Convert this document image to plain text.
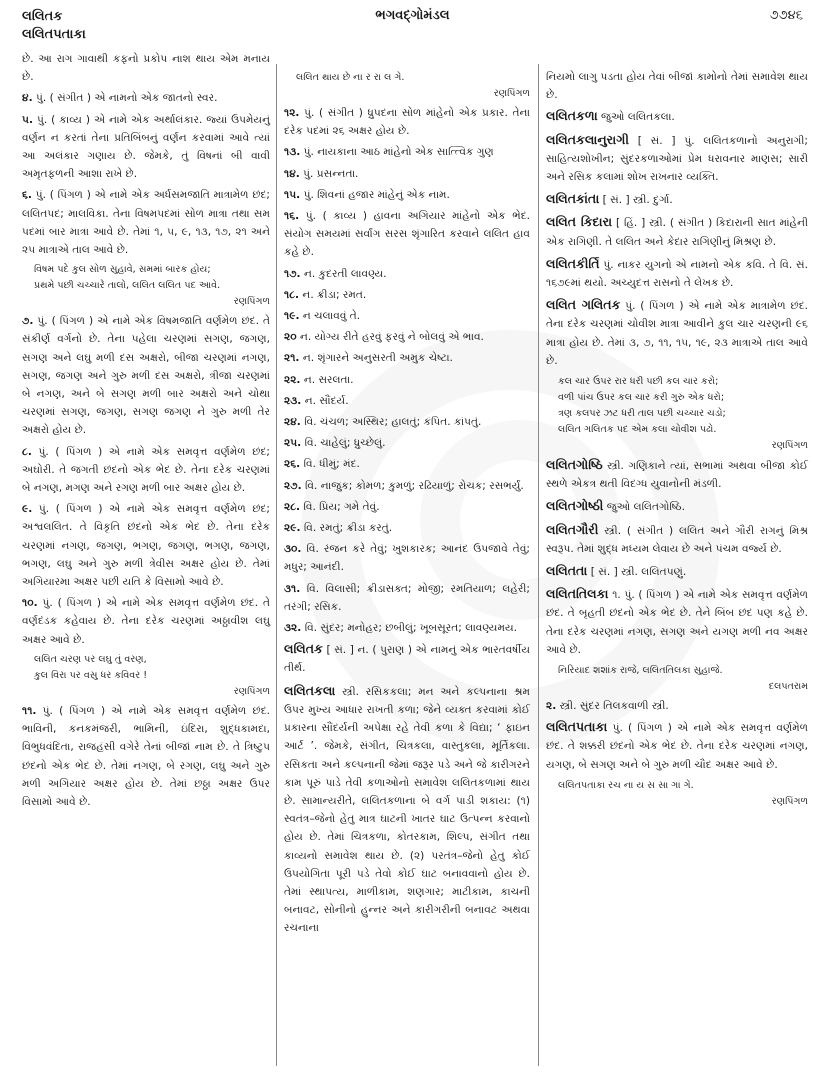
લલિતક
લલિતપતાકા
ભગવદ્ગોમંડલ	૭૭૪૬

છે. આ રાગ ગાવાથી કફનો પ્રકોપ નાશ થાય એમ મનાય છે.

૪. પું. ( સંગીત ) એ નામનો એક જાતનો સ્વર.

૫. પું. ( કાવ્ય ) એ નામે એક અર્થાલંકાર. જ્યાં ઉપમેયનું વર્ણન ન કરતાં તેના પ્રતિબિંબનું વર્ણન કરવામાં આવે ત્યાં આ અલંકાર ગણાય છે. જેમકે, તું વિષનાં બી વાવી અમૃતફળની આશા રાખે છે.

૬. પું. ( પિંગળ ) એ નામે એક અર્ધસમજાતિ માત્રામેળ છંદ; લલિતપદ; માલવિકા. તેના વિષમપદમાં સોળ માત્રા તથા સમ પદમાં બાર માત્રા આવે છે. તેમાં ૧, ૫, ૯, ૧૩, ૧૭, ૨૧ અને ૨૫ માત્રાએ તાલ આવે છે.

વિષમ પદે કુલ સોળ સુહાવે, સમમાં બારક હોય;
પ્રથમે પછી ચચ્ચારે તાલો, લલિત લલિત પદ આવે.
રણપિંગળ

૭. પું. ( પિંગળ ) એ નામે એક વિષમજાતિ વર્ણમેળ છંદ. તે સંકીર્ણ વર્ગનો છે. તેના પહેલા ચરણમાં સગણ, જગણ, સગણ અને લઘુ મળી દસ અક્ષરો, બીજા ચરણમાં નગણ, સગણ, જગણ અને ગુરુ મળી દસ અક્ષરો, ત્રીજા ચરણમાં બે નગણ, અને બે સગણ મળી બાર અક્ષરો અને ચોથા ચરણમાં સગણ, જગણ, સગણ જગણ ને ગુરુ મળી તેર અક્ષરો હોય છે.

૮. પું. ( પિંગળ ) એ નામે એક સમવૃત્ત વર્ણમેળ છંદ; અઘોરી. તે જગતી છંદનો એક ભેદ છે. તેના દરેક ચરણમાં બે નગણ, મગણ અને રગણ મળી બાર અક્ષર હોય છે.

૯. પું. ( પિંગળ ) એ નામે એક સમવૃત્ત વર્ણમેળ છંદ; અશ્વલલિત. તે વિકૃતિ છંદનો એક ભેદ છે. તેના દરેક ચરણમાં નગણ, જગણ, ભગણ, જગણ, ભગણ, જગણ, ભગણ, લઘુ અને ગુરુ મળી ત્રેવીસ અક્ષર હોય છે. તેમાં અગિયારમા અક્ષર પછી યતિ કે વિસામો આવે છે.

૧૦. પું. ( પિંગળ ) એ નામે એક સમવૃત્ત વર્ણમેળ છંદ. તે વર્ણદંડક કહેવાય છે. તેના દરેક ચરણમાં અઠ્ઠાવીશ લઘુ અક્ષર આવે છે.

લલિત ચરણ પર લઘુ તું વરણ,
કુલ વિરા પર વસુ ધર કવિવર !
રણપિંગળ

૧૧. પું. ( પિંગળ ) એ નામે એક સમવૃત્ત વર્ણમેળ છંદ. ભાવિની, કનકમંજરી, ભામિની, ઇંદિરા, શુદ્ધકામદા, વિભુધવંદિતા, રાજહંસી વગેરે તેનાં બીજાં નામ છે. તે ત્રિષ્ટુપ છંદનો એક ભેદ છે. તેમાં નગણ, બે રગણ, લઘુ અને ગુરુ મળી અગિયાર અક્ષર હોય છે. તેમાં છઠ્ઠા અક્ષર ઉપર વિસામો આવે છે.

લલિત થાય છે ના ર રા લ ગે.
રણપિંગળ

૧૨. પું. ( સંગીત ) ધ્રુપદના સોળ માંહેનો એક પ્રકાર. તેના દરેક પદમાં ૨૬ અક્ષર હોય છે.

૧૩. પું. નાયકાના આઠ માંહેનો એક સાત્ત્વિક ગુણ

૧૪. પું. પ્રસન્નતા.

૧૫. પું. શિવનાં હજાર માંહેનું એક નામ.

૧૬. પું. ( કાવ્ય ) હાવના અગિયાર માંહેનો એક ભેદ. સંયોગ સમયમાં સર્વાંગ સરસ શૃંગારિત કરવાને લલિત હાવ કહે છે.

૧૭. ન. કુદરતી લાવણ્ય.

૧૮. ન. ક્રીડા; રમત.

૧૯. ન ચલાવવું તે.

૨૦ ન. યોગ્ય રીતે હરવું ફરવું ને બોલવું એ ભાવ.

૨૧. ન. શૃંગારને અનુસરતી અમુક ચેષ્ટા.

૨૨. ન. સરલતા.

૨૩. ન. સૌંદર્ય.

૨૪. વિ. ચંચળ; અસ્થિર; હાલતું; કંપિત. કાંપતું.

૨૫. વિ. ચાહેલું; ધ્રુચ્છેલું.

૨૬. વિ. ધીમું; મંદ.

૨૭. વિ. નાજુક; કોમળ; કુમળું; રઢિયાળું; રોચક; રસભર્યું.

૨૮. વિ. પ્રિય; ગમે તેવું.

૨૯. વિ. રમતું; ક્રીડા કરતું.

૩૦. વિ. રંજન કરે તેવું; ખુશકારક; આનંદ ઉપજાવે તેવું; મધુર; આનંદી.

૩૧. વિ. વિલાસી; ક્રીડાસક્ત; મોજી; રમતિયાળ; લહેરી; તરંગી; રસિક.

૩૨. વિ. સુંદર; મનોહર; છબીલું; ખૂબસૂરત; લાવણ્યમય.

લલિતક [ સં. ] ન. ( પુરાણ ) એ નામનું એક ભારતવર્ષીય તીર્થ.

લલિતકલા સ્ત્રી. રસિકકલા; મન અને કલ્પનાના શ્રમ ઉપર મુખ્ય આધાર રાખતી કળા; જેને વ્યક્ત કરવામાં કોઈ પ્રકારના સૌંદર્યની અપેક્ષા રહે તેવી કળા કે વિદ્યા; ‘ ફાઇન આર્ટ ’. જેમકે, સંગીત, ચિત્રકલા, વાસ્તુકલા, મૂર્તિકલા. રસિકતા અને કલ્પનાની જેમાં જરૂર પડે અને જે કારીગરને કામ પૂરું પાડે તેવી કળાઓનો સમાવેશ લલિતકળામાં થાય છે. સામાન્યરીતે, લલિતકળાના બે વર્ગ પાડી શકાય: (૧) સ્વતંત્ર–જેનો હેતુ માત્ર ઘાટની ખાતર ઘાટ ઉત્પન્ન કરવાનો હોય છે. તેમાં ચિત્રકળા, કોતરકામ, શિલ્પ, સંગીત તથા કાવ્યનો સમાવેશ થાય છે. (૨) પરતંત્ર–જેનો હેતુ કોઈ ઉપયોગિતા પૂરી પડે તેવો કોઈ ઘાટ બનાવવાનો હોય છે. તેમાં સ્થાપત્ય, માળીકામ, શણગાર; માટીકામ, કાચની બનાવટ, સોનીનો હુન્નર અને કારીગરીની બનાવટ અથવા રચનાના

નિયમો લાગુ પડતા હોય તેવાં બીજાં કામોનો તેમાં સમાવેશ થાય છે.

લલિતકળા જુઓ લલિતકલા.

લલિતકલાનુરાગી [ સં. ] પું. લલિતકળાનો અનુરાગી; સાહિત્યશોખીન; સુંદરકળાઓમાં પ્રેમ ધરાવનાર માણસ; સારી અને રસિક કલામાં શોખ રાખનાર વ્યક્તિ.

લલિતકાંતા [ સં. ] સ્ત્રી. દુર્ગા.

લલિત કિદારા [ હિં. ] સ્ત્રી. ( સંગીત ) કિદારાની સાત માંહેની એક રાગિણી. તે લલિત અને કેદાર રાગિણીનું મિશ્રણ છે.

લલિતકીર્તિ પું. નાકર યુગનો એ નામનો એક કવિ. તે વિ. સં. ૧૬૭૯માં થયો. અચ્યુદત્ત રાસનો તે લેખક છે.

લલિત ગલિતક પું. ( પિંગળ ) એ નામે એક માત્રામેળ છંદ. તેના દરેક ચરણમાં ચોવીશ માત્રા આવીને કુલ ચાર ચરણની ૯૬ માત્રા હોય છે. તેમાં ૩, ૭, ૧૧, ૧૫, ૧૯, ૨૩ માત્રાએ તાલ આવે છે.

કલ ચાર ઉપર રાર ધરી પછી કલ ચાર કરો;
વળી પાંચ ઉપર કલ ચાર કરી ગુરુ એક ધરો;
ત્રણ કલપર ઝટ ધરી તાલ પછી ચચ્ચાર ચડો;
લલિત ગલિતક પદ એમ કલા ચોવીશ પઢો.
રણપિંગળ

લલિતગોષ્ઠિ સ્ત્રી. ગણિકાને ત્યાં, સભામાં અથવા બીજા કોઈ સ્થળે એકત્ર થતી વિદગ્ધ યુવાનોની મંડળી.

લલિતગોષ્ઠી જુઓ લલિતગોષ્ઠિ.

લલિતગૌરી સ્ત્રી. ( સંગીત ) લલિત અને ગૌરી રાગનું મિશ્ર સ્વરૂપ. તેમાં શુદ્ધ મધ્યમ લેવાય છે અને પંચમ વર્જ્ય છે.

લલિતતા [ સં. ] સ્ત્રી. લલિતપણું.

લલિતતિલકા ૧. પું. ( પિંગળ ) એ નામે એક સમવૃત્ત વર્ણમેળ છંદ. તે બૃહતી છંદનો એક ભેદ છે. તેને બિંબ છંદ પણ કહે છે. તેના દરેક ચરણમાં નગણ, સગણ અને યગણ મળી નવ અક્ષર આવે છે.

નિરિયાદ શશાંક રાજે, લલિતતિલકા સુહાજે.
દલપતરામ

૨. સ્ત્રી. સુંદર તિલકવાળી સ્ત્રી.

લલિતપતાકા પું. ( પિંગળ ) એ નામે એક સમવૃત્ત વર્ણમેળ છંદ. તે શક્કરી છંદનો એક ભેદ છે. તેના દરેક ચરણમાં નગણ, યગણ, બે સગણ અને બે ગુરુ મળી ચૌદ અક્ષર આવે છે.

લલિતપતાકા રચ ના ય સ સા ગા ગે.
રણપિંગળ
